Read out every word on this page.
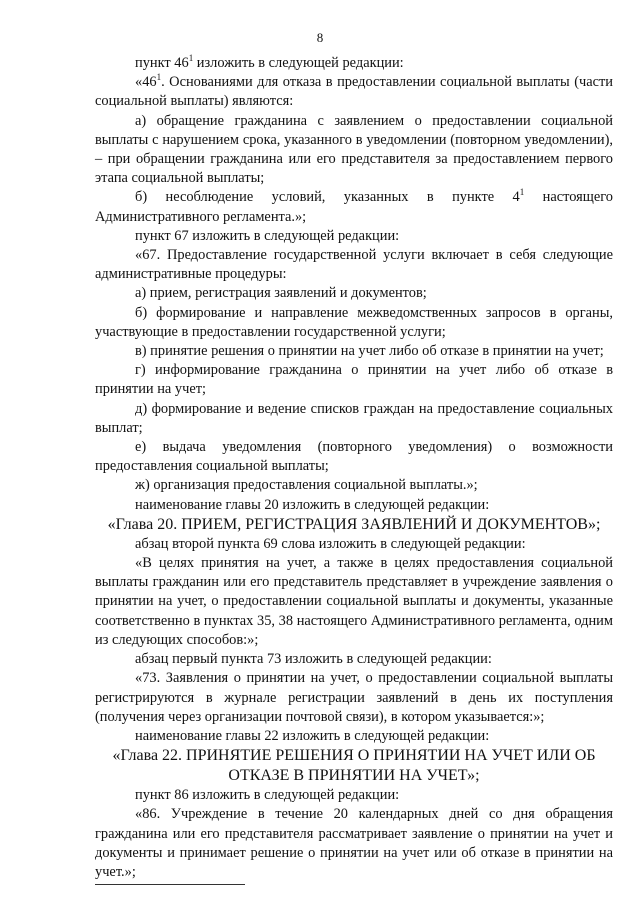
8

пункт $46^1$ изложить в следующей редакции:

«$46^1$. Основаниями для отказа в предоставлении социальной выплаты (части социальной выплаты) являются:

а) обращение гражданина с заявлением о предоставлении социальной выплаты с нарушением срока, указанного в уведомлении (повторном уведомлении), – при обращении гражданина или его представителя за предоставлением первого этапа социальной выплаты;

б) несоблюдение условий, указанных в пункте $4^1$ настоящего Административного регламента.»;

пункт 67 изложить в следующей редакции:

«67. Предоставление государственной услуги включает в себя следующие административные процедуры:

а) прием, регистрация заявлений и документов;

б) формирование и направление межведомственных запросов в органы, участвующие в предоставлении государственной услуги;

в) принятие решения о принятии на учет либо об отказе в принятии на учет;

г) информирование гражданина о принятии на учет либо об отказе в принятии на учет;

д) формирование и ведение списков граждан на предоставление социальных выплат;

е) выдача уведомления (повторного уведомления) о возможности предоставления социальной выплаты;

ж) организация предоставления социальной выплаты.»;

наименование главы 20 изложить в следующей редакции:

«Глава 20. ПРИЕМ, РЕГИСТРАЦИЯ ЗАЯВЛЕНИЙ И ДОКУМЕНТОВ»;

абзац второй пункта 69 слова изложить в следующей редакции:

«В целях принятия на учет, а также в целях предоставления социальной выплаты гражданин или его представитель представляет в учреждение заявления о принятии на учет, о предоставлении социальной выплаты и документы, указанные соответственно в пунктах 35, 38 настоящего Административного регламента, одним из следующих способов:»;

абзац первый пункта 73 изложить в следующей редакции:

«73. Заявления о принятии на учет, о предоставлении социальной выплаты регистрируются в журнале регистрации заявлений в день их поступления (получения через организации почтовой связи), в котором указывается:»;

наименование главы 22 изложить в следующей редакции:

«Глава 22. ПРИНЯТИЕ РЕШЕНИЯ О ПРИНЯТИИ НА УЧЕТ ИЛИ ОБ ОТКАЗЕ В ПРИНЯТИИ НА УЧЕТ»;

пункт 86 изложить в следующей редакции:

«86. Учреждение в течение 20 календарных дней со дня обращения гражданина или его представителя рассматривает заявление о принятии на учет и документы и принимает решение о принятии на учет или об отказе в принятии на учет.»;
